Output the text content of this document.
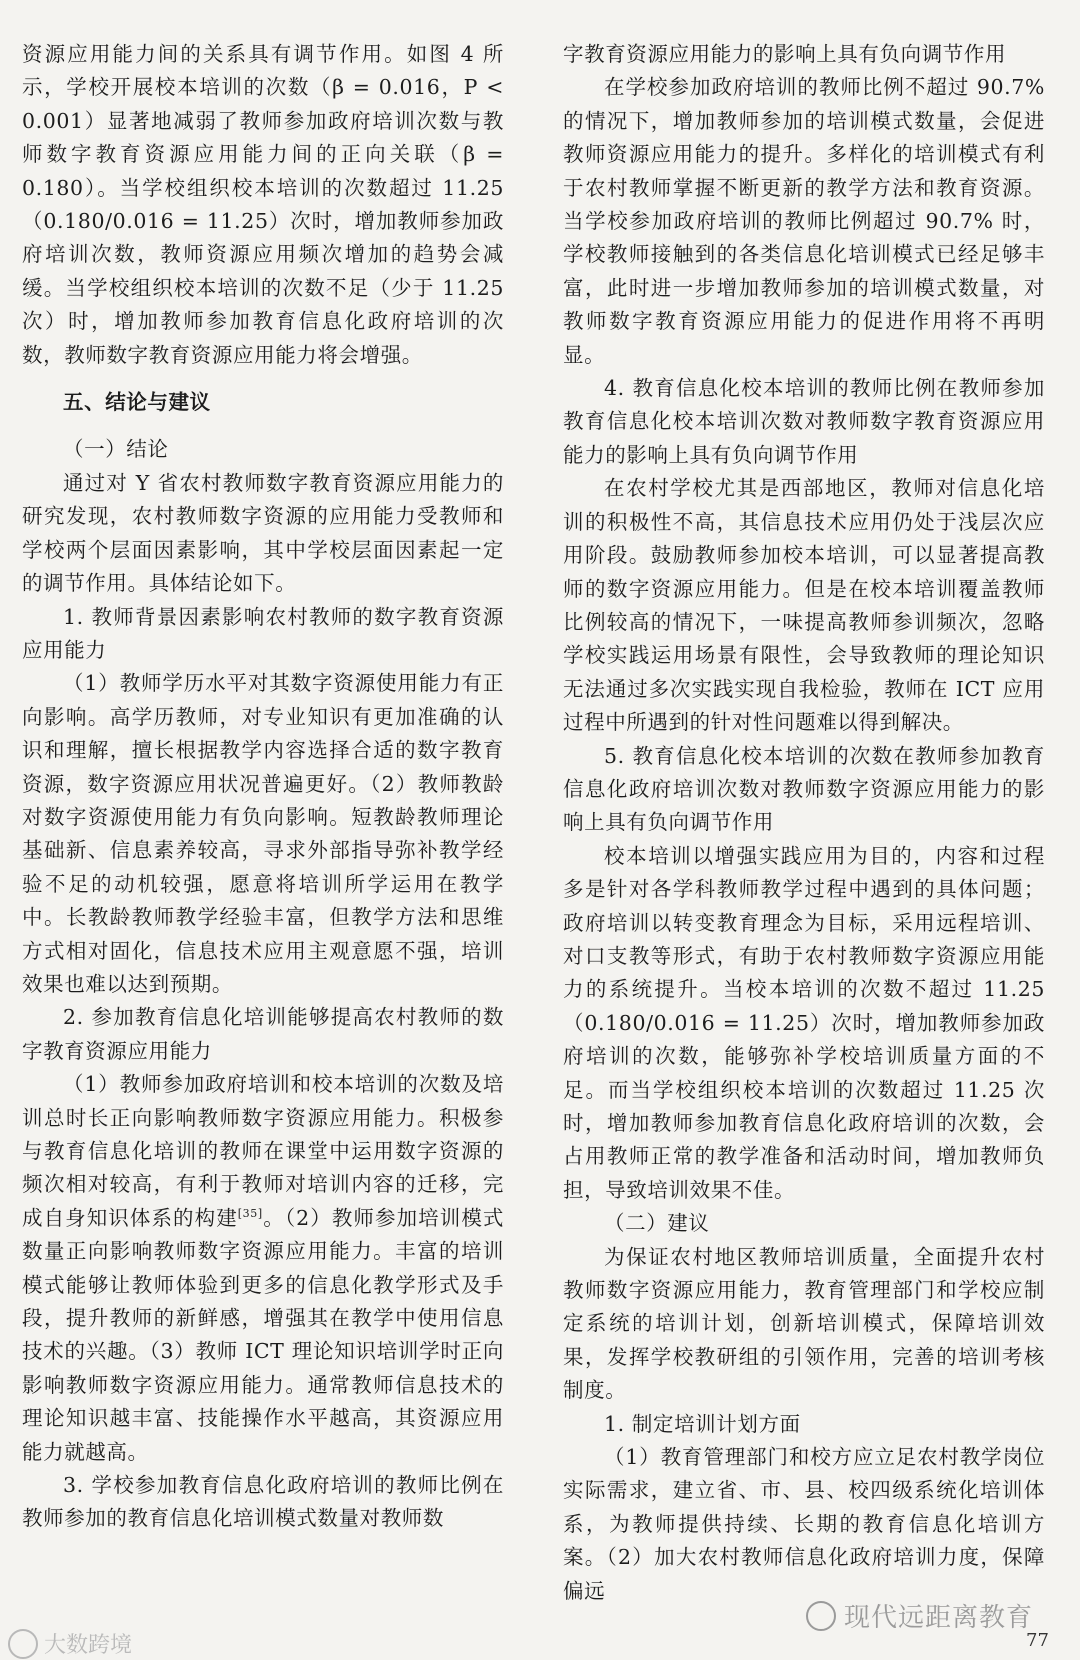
资源应用能力间的关系具有调节作用。如图 4 所示，学校开展校本培训的次数（β = 0.016，P < 0.001）显著地减弱了教师参加政府培训次数与教师数字教育资源应用能力间的正向关联（β = 0.180）。当学校组织校本培训的次数超过 11.25（0.180/0.016 = 11.25）次时，增加教师参加政府培训次数，教师资源应用频次增加的趋势会减缓。当学校组织校本培训的次数不足（少于 11.25 次）时，增加教师参加教育信息化政府培训的次数，教师数字教育资源应用能力将会增强。

五、结论与建议

（一）结论

通过对 Y 省农村教师数字教育资源应用能力的研究发现，农村教师数字资源的应用能力受教师和学校两个层面因素影响，其中学校层面因素起一定的调节作用。具体结论如下。

1. 教师背景因素影响农村教师的数字教育资源应用能力

（1）教师学历水平对其数字资源使用能力有正向影响。高学历教师，对专业知识有更加准确的认识和理解，擅长根据教学内容选择合适的数字教育资源，数字资源应用状况普遍更好。（2）教师教龄对数字资源使用能力有负向影响。短教龄教师理论基础新、信息素养较高，寻求外部指导弥补教学经验不足的动机较强，愿意将培训所学运用在教学中。长教龄教师教学经验丰富，但教学方法和思维方式相对固化，信息技术应用主观意愿不强，培训效果也难以达到预期。

2. 参加教育信息化培训能够提高农村教师的数字教育资源应用能力

（1）教师参加政府培训和校本培训的次数及培训总时长正向影响教师数字资源应用能力。积极参与教育信息化培训的教师在课堂中运用数字资源的频次相对较高，有利于教师对培训内容的迁移，完成自身知识体系的构建[35]。（2）教师参加培训模式数量正向影响教师数字资源应用能力。丰富的培训模式能够让教师体验到更多的信息化教学形式及手段，提升教师的新鲜感，增强其在教学中使用信息技术的兴趣。（3）教师 ICT 理论知识培训学时正向影响教师数字资源应用能力。通常教师信息技术的理论知识越丰富、技能操作水平越高，其资源应用能力就越高。

3. 学校参加教育信息化政府培训的教师比例在教师参加的教育信息化培训模式数量对教师数

字教育资源应用能力的影响上具有负向调节作用

在学校参加政府培训的教师比例不超过 90.7% 的情况下，增加教师参加的培训模式数量，会促进教师资源应用能力的提升。多样化的培训模式有利于农村教师掌握不断更新的教学方法和教育资源。当学校参加政府培训的教师比例超过 90.7% 时，学校教师接触到的各类信息化培训模式已经足够丰富，此时进一步增加教师参加的培训模式数量，对教师数字教育资源应用能力的促进作用将不再明显。

4. 教育信息化校本培训的教师比例在教师参加教育信息化校本培训次数对教师数字教育资源应用能力的影响上具有负向调节作用

在农村学校尤其是西部地区，教师对信息化培训的积极性不高，其信息技术应用仍处于浅层次应用阶段。鼓励教师参加校本培训，可以显著提高教师的数字资源应用能力。但是在校本培训覆盖教师比例较高的情况下，一味提高教师参训频次，忽略学校实践运用场景有限性，会导致教师的理论知识无法通过多次实践实现自我检验，教师在 ICT 应用过程中所遇到的针对性问题难以得到解决。

5. 教育信息化校本培训的次数在教师参加教育信息化政府培训次数对教师数字资源应用能力的影响上具有负向调节作用

校本培训以增强实践应用为目的，内容和过程多是针对各学科教师教学过程中遇到的具体问题；政府培训以转变教育理念为目标，采用远程培训、对口支教等形式，有助于农村教师数字资源应用能力的系统提升。当校本培训的次数不超过 11.25（0.180/0.016 = 11.25）次时，增加教师参加政府培训的次数，能够弥补学校培训质量方面的不足。而当学校组织校本培训的次数超过 11.25 次时，增加教师参加教育信息化政府培训的次数，会占用教师正常的教学准备和活动时间，增加教师负担，导致培训效果不佳。

（二）建议

为保证农村地区教师培训质量，全面提升农村教师数字资源应用能力，教育管理部门和学校应制定系统的培训计划，创新培训模式，保障培训效果，发挥学校教研组的引领作用，完善的培训考核制度。

1. 制定培训计划方面

（1）教育管理部门和校方应立足农村教学岗位实际需求，建立省、市、县、校四级系统化培训体系，为教师提供持续、长期的教育信息化培训方案。（2）加大农村教师信息化政府培训力度，保障偏远

大数跨境
现代远距离教育
77
